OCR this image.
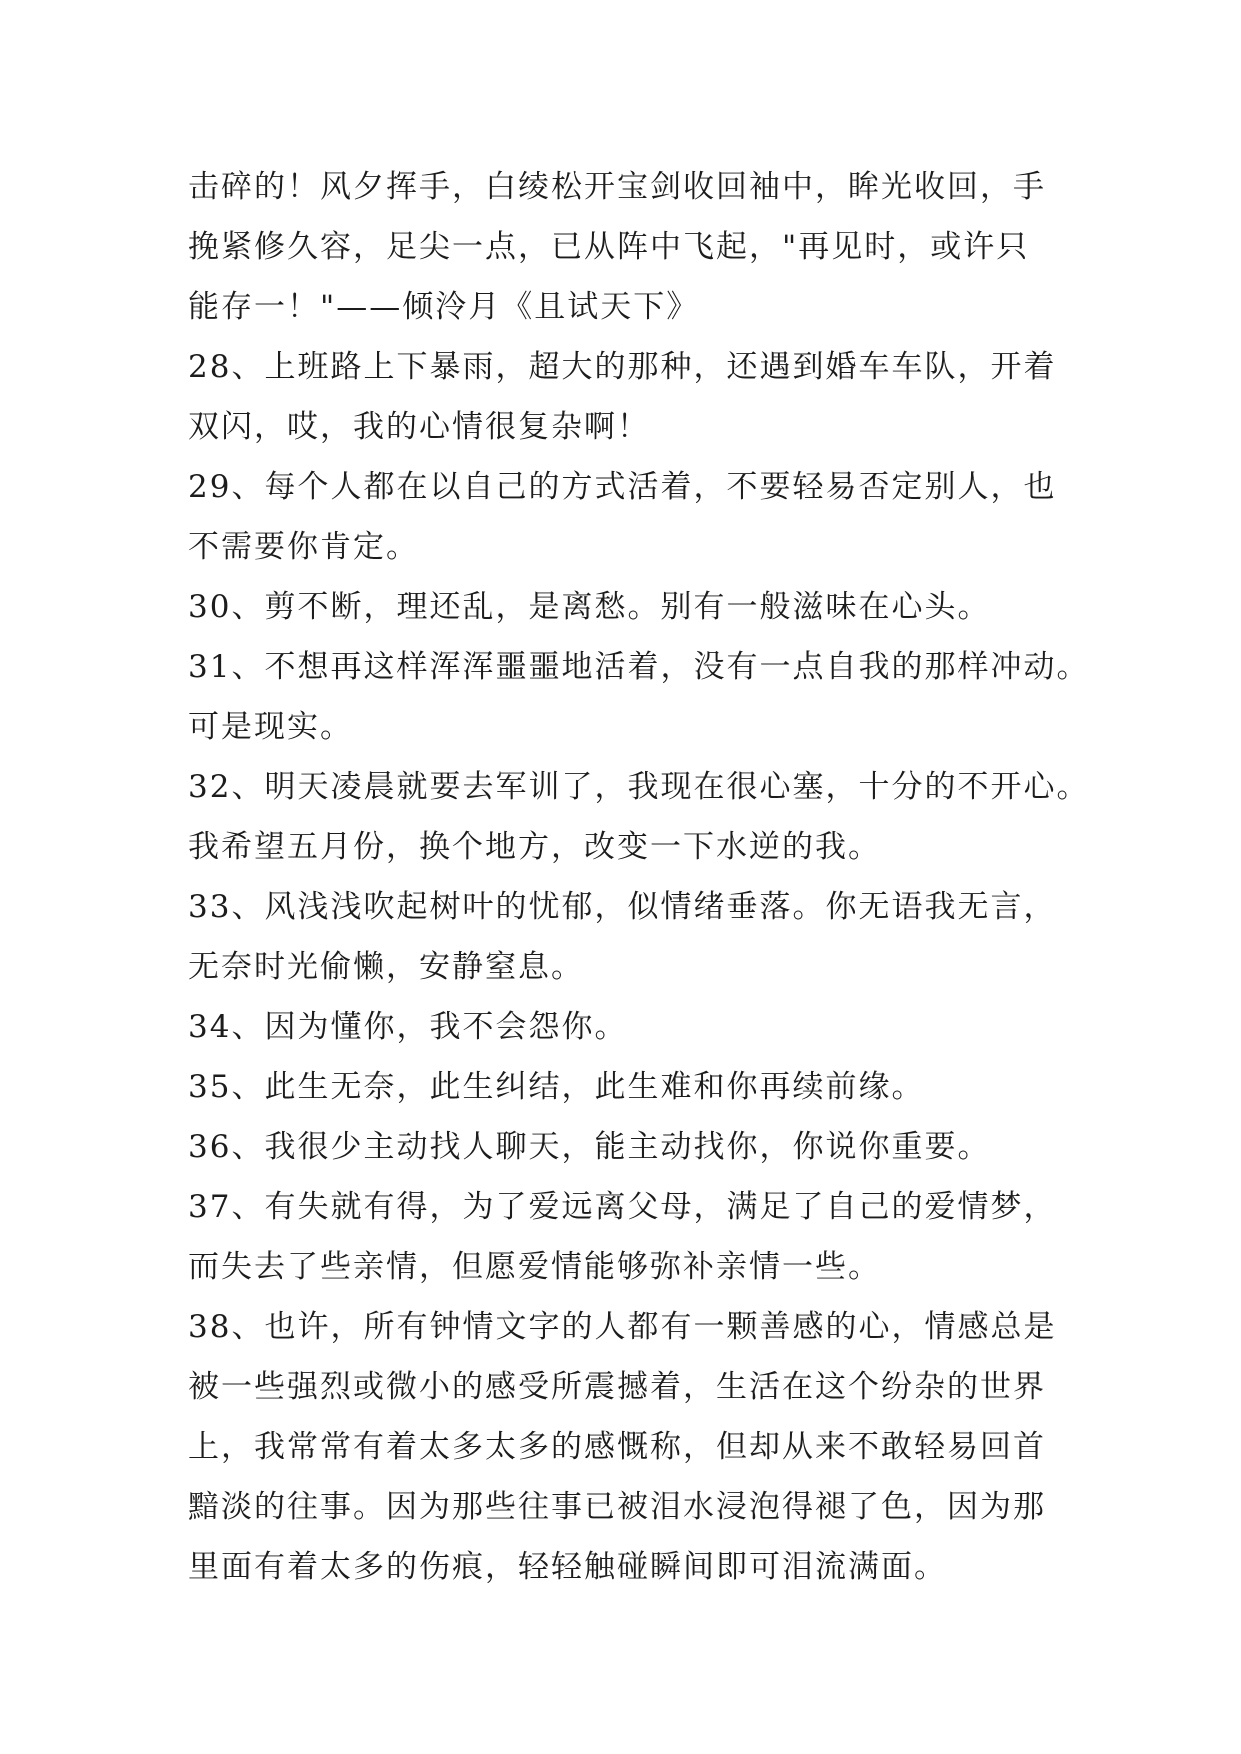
击碎的！风夕挥手，白绫松开宝剑收回袖中，眸光收回，手
挽紧修久容，足尖一点，已从阵中飞起，"再见时，或许只
能存一！"——倾泠月《且试天下》
28、上班路上下暴雨，超大的那种，还遇到婚车车队，开着
双闪，哎，我的心情很复杂啊！
29、每个人都在以自己的方式活着，不要轻易否定别人，也
不需要你肯定。
30、剪不断，理还乱，是离愁。别有一般滋味在心头。
31、不想再这样浑浑噩噩地活着，没有一点自我的那样冲动。
可是现实。
32、明天凌晨就要去军训了，我现在很心塞，十分的不开心。
我希望五月份，换个地方，改变一下水逆的我。
33、风浅浅吹起树叶的忧郁，似情绪垂落。你无语我无言，
无奈时光偷懒，安静窒息。
34、因为懂你，我不会怨你。
35、此生无奈，此生纠结，此生难和你再续前缘。
36、我很少主动找人聊天，能主动找你，你说你重要。
37、有失就有得，为了爱远离父母，满足了自己的爱情梦，
而失去了些亲情，但愿爱情能够弥补亲情一些。
38、也许，所有钟情文字的人都有一颗善感的心，情感总是
被一些强烈或微小的感受所震撼着，生活在这个纷杂的世界
上，我常常有着太多太多的感慨称，但却从来不敢轻易回首
黯淡的往事。因为那些往事已被泪水浸泡得褪了色，因为那
里面有着太多的伤痕，轻轻触碰瞬间即可泪流满面。
